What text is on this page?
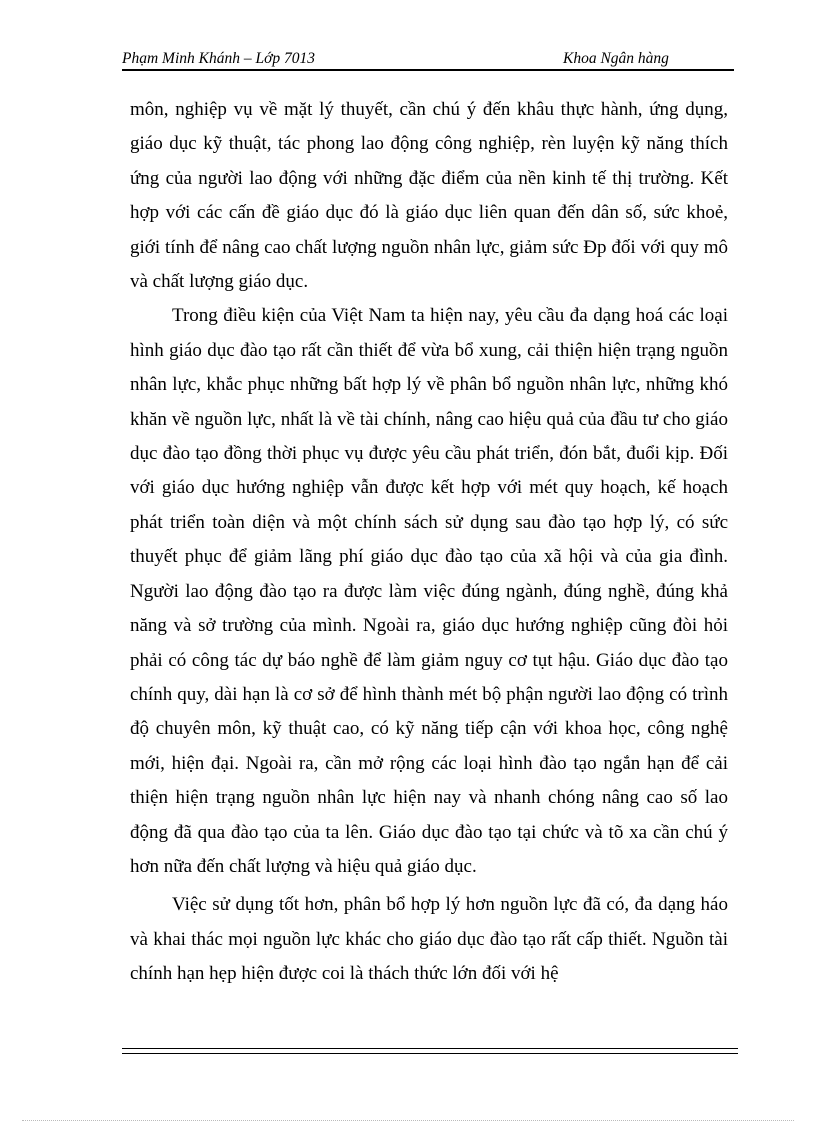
Phạm Minh Khánh – Lớp 7013	Khoa Ngân hàng

môn, nghiệp vụ về mặt lý thuyết, cần chú ý đến khâu thực hành, ứng dụng, giáo dục kỹ thuật, tác phong lao động công nghiệp, rèn luyện kỹ năng thích ứng của người lao động với những đặc điểm của nền kinh tế thị trường. Kết hợp với các cấn đề giáo dục đó là giáo dục liên quan đến dân số, sức khoẻ, giới tính để nâng cao chất lượng nguồn nhân lực, giảm sức Đp đối với quy mô và chất lượng giáo dục.

Trong điều kiện của Việt Nam ta hiện nay, yêu cầu đa dạng hoá các loại hình giáo dục đào tạo rất cần thiết để vừa bổ xung, cải thiện hiện trạng nguồn nhân lực, khắc phục những bất hợp lý về phân bổ nguồn nhân lực, những khó khăn về nguồn lực, nhất là về tài chính, nâng cao hiệu quả của đầu tư cho giáo dục đào tạo đồng thời phục vụ được yêu cầu phát triển, đón bắt, đuổi kịp. Đối với giáo dục hướng nghiệp vẫn được kết hợp với mét quy hoạch, kế hoạch phát triển toàn diện và một chính sách sử dụng sau đào tạo hợp lý, có sức thuyết phục để giảm lãng phí giáo dục đào tạo của xã hội và của gia đình. Người lao động đào tạo ra được làm việc đúng ngành, đúng nghề, đúng khả năng và sở trường của mình. Ngoài ra, giáo dục hướng nghiệp cũng đòi hỏi phải có công tác dự báo nghề để làm giảm nguy cơ tụt hậu. Giáo dục đào tạo chính quy, dài hạn là cơ sở để hình thành mét bộ phận người lao động có trình độ chuyên môn, kỹ thuật cao, có kỹ năng tiếp cận với khoa học, công nghệ mới, hiện đại. Ngoài ra, cần mở rộng các loại hình đào tạo ngắn hạn để cải thiện hiện trạng nguồn nhân lực hiện nay và nhanh chóng nâng cao số lao động đã qua đào tạo của ta lên. Giáo dục đào tạo tại chức và tõ xa cần chú ý hơn nữa đến chất lượng và hiệu quả giáo dục.

Việc sử dụng tốt hơn, phân bổ hợp lý hơn nguồn lực đã có, đa dạng háo và khai thác mọi nguồn lực khác cho giáo dục đào tạo rất cấp thiết. Nguồn tài chính hạn hẹp hiện được coi là thách thức lớn đối với hệ
